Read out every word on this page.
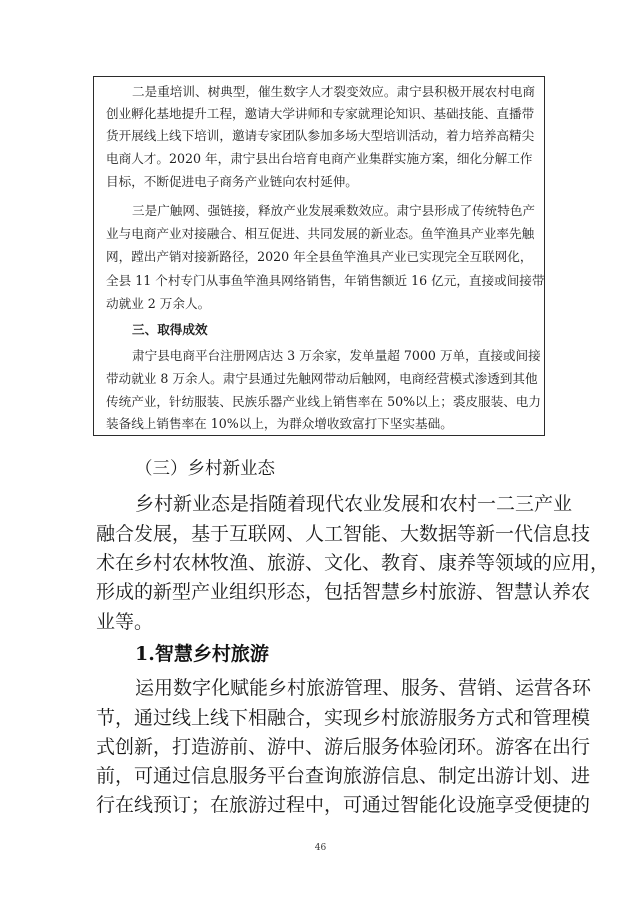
二是重培训、树典型，催生数字人才裂变效应。肃宁县积极开展农村电商
创业孵化基地提升工程，邀请大学讲师和专家就理论知识、基础技能、直播带
货开展线上线下培训，邀请专家团队参加多场大型培训活动，着力培养高精尖
电商人才。2020 年，肃宁县出台培育电商产业集群实施方案，细化分解工作
目标，不断促进电子商务产业链向农村延伸。
三是广触网、强链接，释放产业发展乘数效应。肃宁县形成了传统特色产
业与电商产业对接融合、相互促进、共同发展的新业态。鱼竿渔具产业率先触
网，蹚出产销对接新路径，2020 年全县鱼竿渔具产业已实现完全互联网化，
全县 11 个村专门从事鱼竿渔具网络销售，年销售额近 16 亿元，直接或间接带
动就业 2 万余人。
三、取得成效
肃宁县电商平台注册网店达 3 万余家，发单量超 7000 万单，直接或间接
带动就业 8 万余人。肃宁县通过先触网带动后触网，电商经营模式渗透到其他
传统产业，针纺服装、民族乐器产业线上销售率在 50%以上；裘皮服装、电力
装备线上销售率在 10%以上，为群众增收致富打下坚实基础。
（三）乡村新业态
乡村新业态是指随着现代农业发展和农村一二三产业
融合发展，基于互联网、人工智能、大数据等新一代信息技
术在乡村农林牧渔、旅游、文化、教育、康养等领域的应用，
形成的新型产业组织形态，包括智慧乡村旅游、智慧认养农
业等。
1.智慧乡村旅游
运用数字化赋能乡村旅游管理、服务、营销、运营各环
节，通过线上线下相融合，实现乡村旅游服务方式和管理模
式创新，打造游前、游中、游后服务体验闭环。游客在出行
前，可通过信息服务平台查询旅游信息、制定出游计划、进
行在线预订；在旅游过程中，可通过智能化设施享受便捷的
46
